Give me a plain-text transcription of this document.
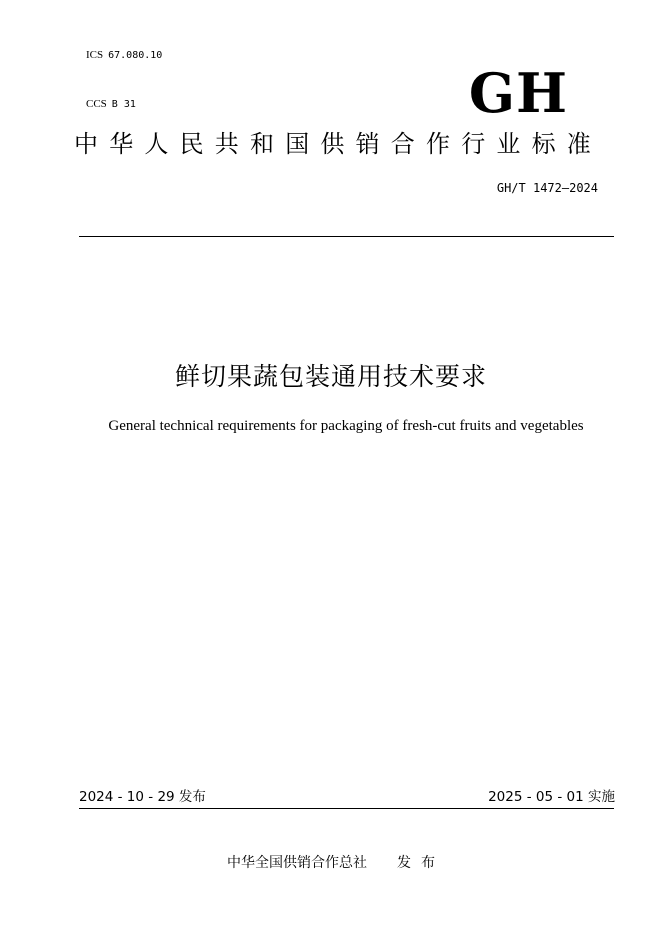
ICS 67.080.10

CCS B 31
	GH
中华人民共和国供销合作行业标准
GH/T 1472—2024
鲜切果蔬包装通用技术要求
General technical requirements for packaging of fresh-cut fruits and vegetables
2024 - 10 - 29 发布	2025 - 05 - 01 实施
中华全国供销合作总社 发布
